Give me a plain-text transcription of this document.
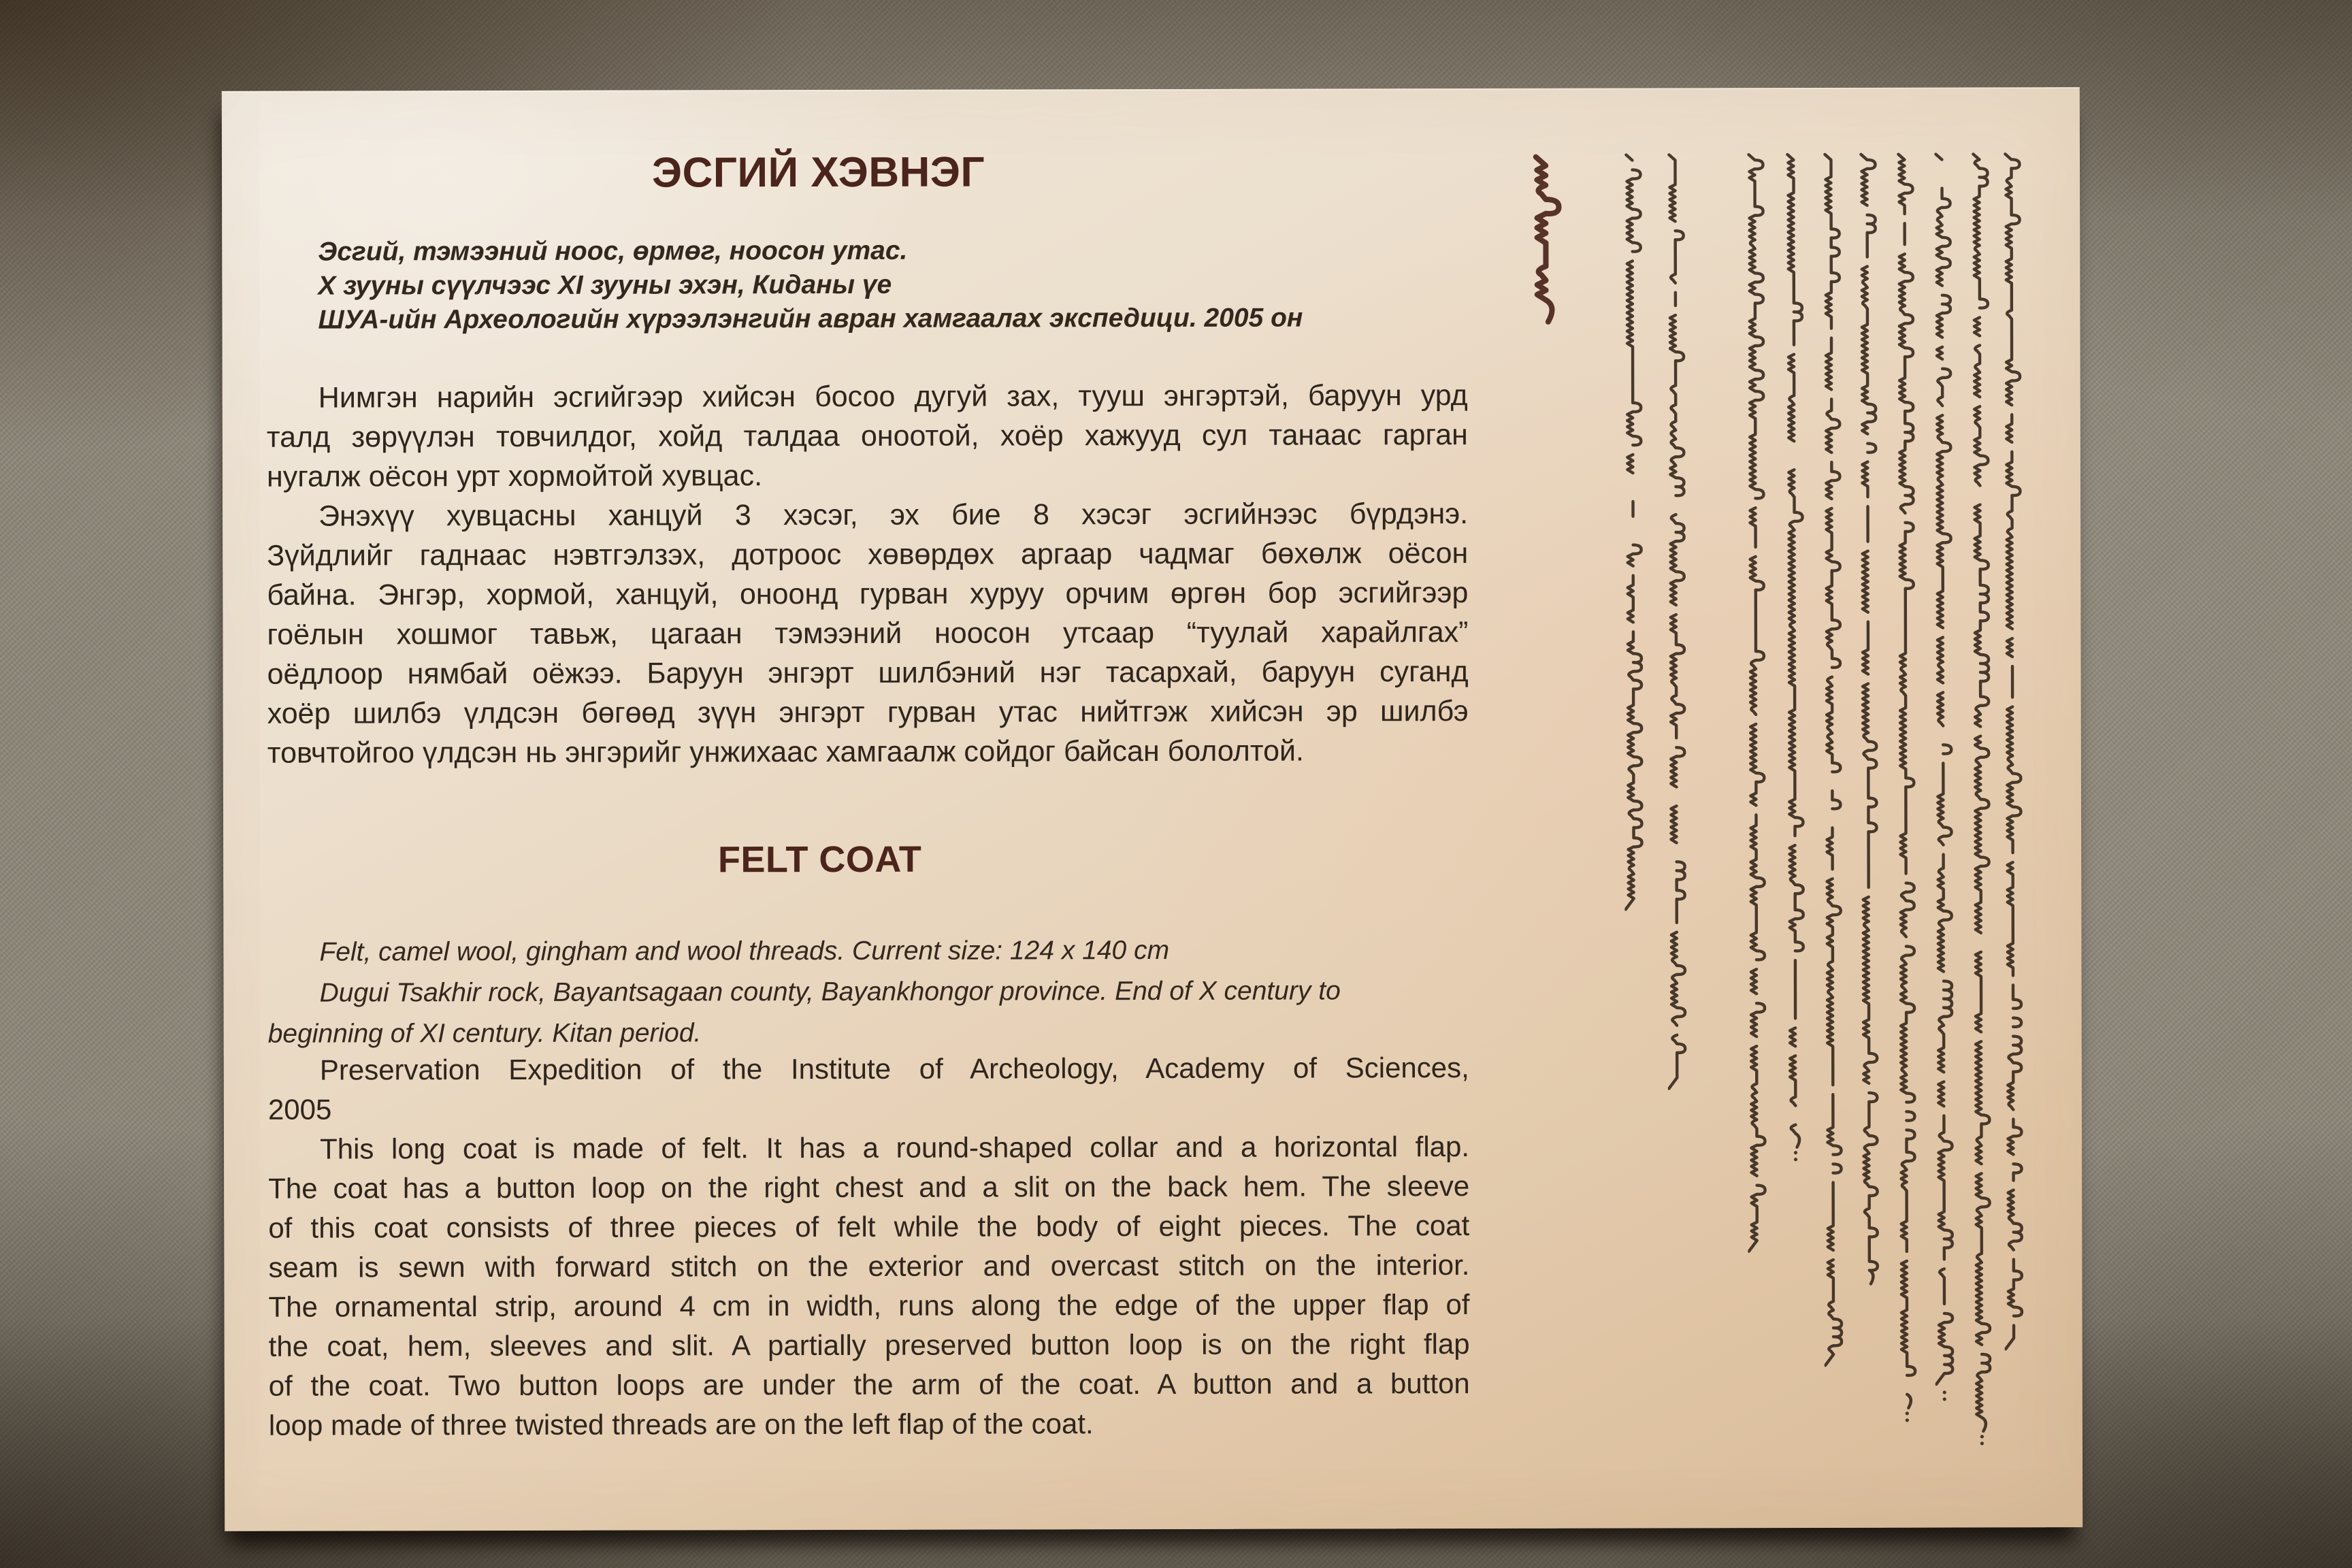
ЭСГИЙ ХЭВНЭГ
Эсгий, тэмээний ноос, өрмөг, ноосон утас.
Х зууны сүүлчээс XI зууны эхэн, Киданы үе
ШУА-ийн Археологийн хүрээлэнгийн авран хамгаалах экспедици. 2005 он
Нимгэн нарийн эсгийгээр хийсэн босоо дугуй зах, тууш энгэртэй, баруун урд
талд зөрүүлэн товчилдог, хойд талдаа оноотой, хоёр хажууд сул танаас гарган
нугалж оёсон урт хормойтой хувцас.
Энэхүү хувцасны ханцуй 3 хэсэг, эх бие 8 хэсэг эсгийнээс бүрдэнэ.
Зүйдлийг гаднаас нэвтгэлзэх, дотроос хөвөрдөх аргаар чадмаг бөхөлж оёсон
байна. Энгэр, хормой, ханцуй, оноонд гурван хуруу орчим өргөн бор эсгийгээр
гоёлын хошмог тавьж, цагаан тэмээний ноосон утсаар “туулай харайлгах”
оёдлоор нямбай оёжээ. Баруун энгэрт шилбэний нэг тасархай, баруун суганд
хоёр шилбэ үлдсэн бөгөөд зүүн энгэрт гурван утас нийтгэж хийсэн эр шилбэ
товчтойгоо үлдсэн нь энгэрийг унжихаас хамгаалж сойдог байсан бололтой.
FELT COAT
Felt, camel wool, gingham and wool threads. Current size: 124 x 140 cm
Dugui Tsakhir rock, Bayantsagaan county, Bayankhongor province. End of X century to
beginning of XI century. Kitan period.
Preservation Expedition of the Institute of Archeology, Academy of Sciences,
2005
This long coat is made of felt. It has a round-shaped collar and a horizontal flap.
The coat has a button loop on the right chest and a slit on the back hem. The sleeve
of this coat consists of three pieces of felt while the body of eight pieces. The coat
seam is sewn with forward stitch on the exterior and overcast stitch on the interior.
The ornamental strip, around 4 cm in width, runs along the edge of the upper flap of
the coat, hem, sleeves and slit. A partially preserved button loop is on the right flap
of the coat. Two button loops are under the arm of the coat. A button and a button
loop made of three twisted threads are on the left flap of the coat.
